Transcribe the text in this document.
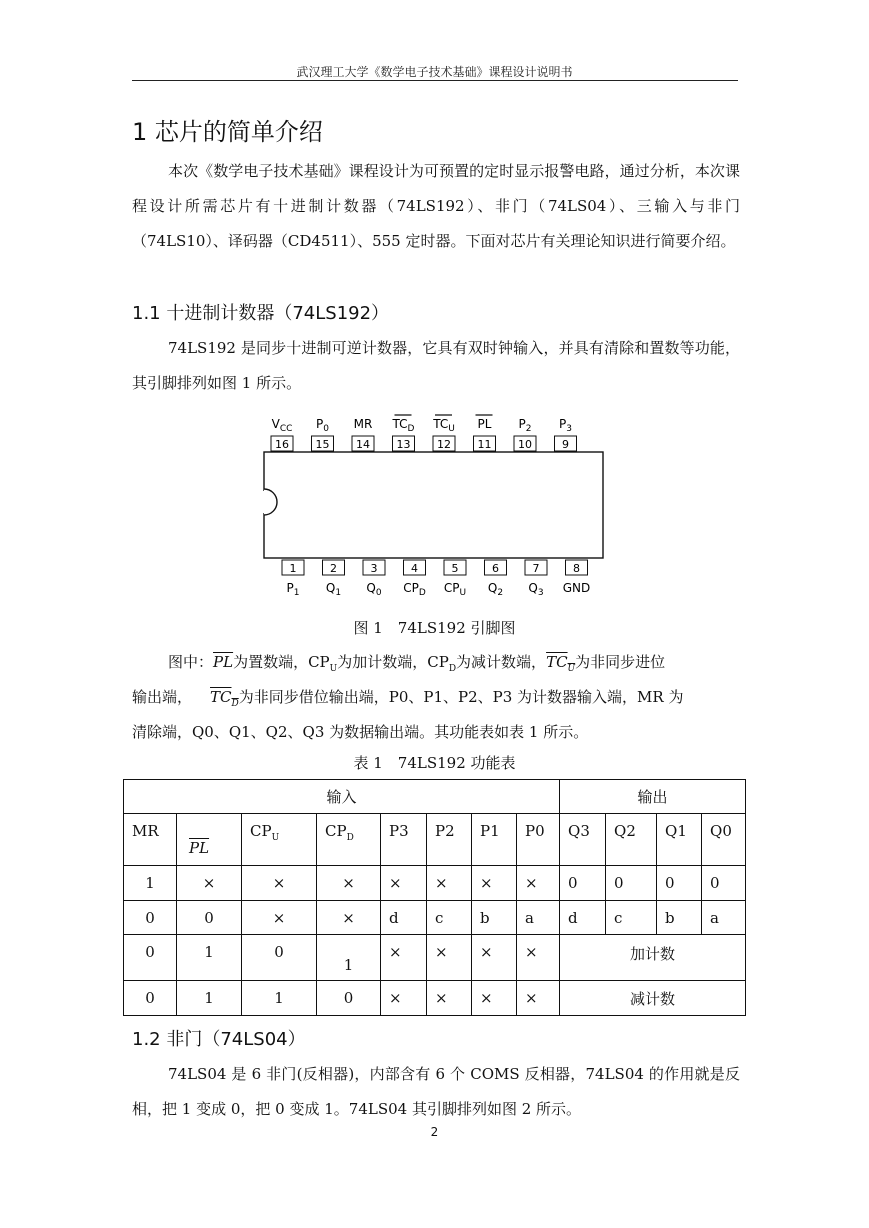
武汉理工大学《数学电子技术基础》课程设计说明书
1 芯片的简单介绍

本次《数学电子技术基础》课程设计为可预置的定时显示报警电路，通过分析，本次课程设计所需芯片有十进制计数器（74LS192）、非门（74LS04）、三输入与非门（74LS10）、译码器（CD4511）、555 定时器。下面对芯片有关理论知识进行简要介绍。

1.1 十进制计数器（74LS192）

74LS192 是同步十进制可逆计数器，它具有双时钟输入，并具有清除和置数等功能，其引脚排列如图 1 所示。

16
$V_{CC}$
15
$P_0$
14
MR
13
$TC_D$
12
$TC_U$
11
PL
10
$P_2$
9
$P_3$
1
$P_1$
2
$Q_1$
3
$Q_0$
4
$CP_D$
5
$CP_U$
6
$Q_2$
7
$Q_3$
8
GND
图 1　74LS192 引脚图
图中：$\overline{PL}$为置数端，$CP_U$为加计数端，$CP_D$为减计数端，$TC_U$为非同步进位
输出端， $TC_D$为非同步借位输出端，P0、P1、P2、P3 为计数器输入端，MR 为
清除端，Q0、Q1、Q2、Q3 为数据输出端。其功能表如表 1 所示。
表 1　74LS192 功能表
输入								输出			
MR	$\overline{PL}$	$CP_U$	$CP_D$	P3	P2	P1	P0	Q3	Q2	Q1	Q0
1	×	×	×	×	×	×	×	0	0	0	0
0	0	×	×	d	c	b	a	d	c	b	a
0	1	0	1	×	×	×	×	加计数			
0	1	1	0	×	×	×	×	减计数			
1.2 非门（74LS04）

74LS04 是 6 非门(反相器)，内部含有 6 个 COMS 反相器，74LS04 的作用就是反相，把 1 变成 0，把 0 变成 1。74LS04 其引脚排列如图 2 所示。

2
